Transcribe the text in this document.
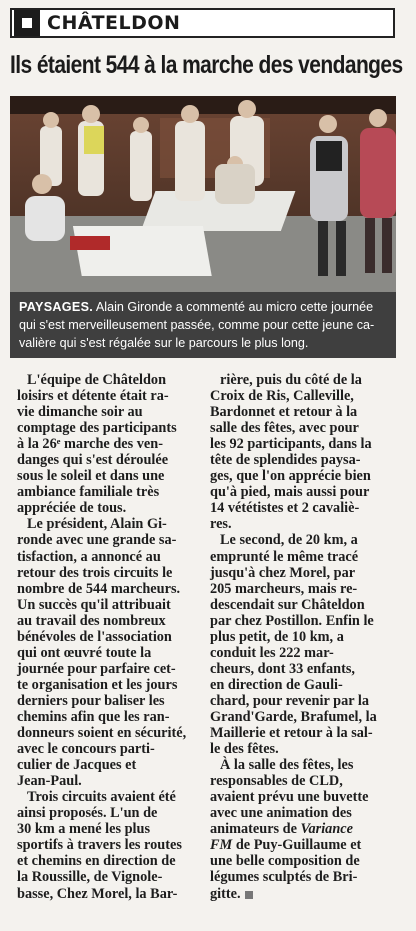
CHÂTELDON
Ils étaient 544 à la marche des vendanges
PAYSAGES. Alain Gironde a commenté au micro cette journée
qui s'est merveilleusement passée, comme pour cette jeune ca-
valière qui s'est régalée sur le parcours le plus long.

L'équipe de Châteldon
loisirs et détente était ra-
vie dimanche soir au
comptage des participants
à la 26ᵉ marche des ven-
danges qui s'est déroulée
sous le soleil et dans une
ambiance familiale très
appréciée de tous.

Le président, Alain Gi-
ronde avec une grande sa-
tisfaction, a annoncé au
retour des trois circuits le
nombre de 544 marcheurs.
Un succès qu'il attribuait
au travail des nombreux
bénévoles de l'association
qui ont œuvré toute la
journée pour parfaire cet-
te organisation et les jours
derniers pour baliser les
chemins afin que les ran-
donneurs soient en sécurité,
avec le concours parti-
culier de Jacques et
Jean-Paul.

Trois circuits avaient été
ainsi proposés. L'un de
30 km a mené les plus
sportifs à travers les routes
et chemins en direction de
la Roussille, de Vignole-
basse, Chez Morel, la Bar-

rière, puis du côté de la
Croix de Ris, Calleville,
Bardonnet et retour à la
salle des fêtes, avec pour
les 92 participants, dans la
tête de splendides paysa-
ges, que l'on apprécie bien
qu'à pied, mais aussi pour
14 vététistes et 2 cavaliè-
res.

Le second, de 20 km, a
emprunté le même tracé
jusqu'à chez Morel, par
205 marcheurs, mais re-
descendait sur Châteldon
par chez Postillon. Enfin le
plus petit, de 10 km, a
conduit les 222 mar-
cheurs, dont 33 enfants,
en direction de Gauli-
chard, pour revenir par la
Grand'Garde, Brafumel, la
Maillerie et retour à la sal-
le des fêtes.

À la salle des fêtes, les
responsables de CLD,
avaient prévu une buvette
avec une animation des
animateurs de Variance
FM de Puy-Guillaume et
une belle composition de
légumes sculptés de Bri-
gitte.
